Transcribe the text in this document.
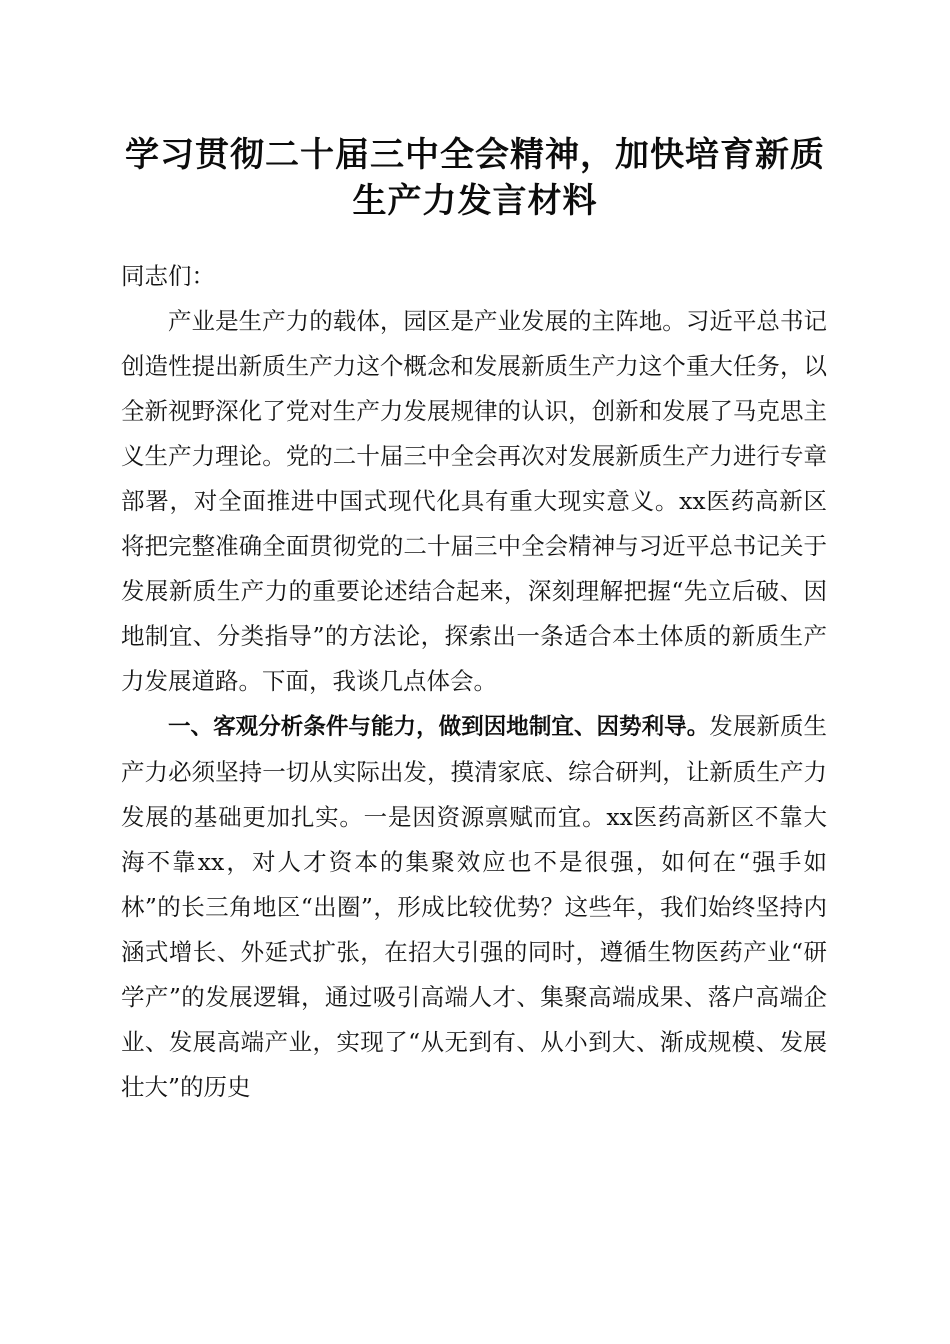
学习贯彻二十届三中全会精神，加快培育新质
生产力发言材料

同志们：

产业是生产力的载体，园区是产业发展的主阵地。习近平总书记创造性提出新质生产力这个概念和发展新质生产力这个重大任务，以全新视野深化了党对生产力发展规律的认识，创新和发展了马克思主义生产力理论。党的二十届三中全会再次对发展新质生产力进行专章部署，对全面推进中国式现代化具有重大现实意义。xx医药高新区将把完整准确全面贯彻党的二十届三中全会精神与习近平总书记关于发展新质生产力的重要论述结合起来，深刻理解把握“先立后破、因地制宜、分类指导”的方法论，探索出一条适合本土体质的新质生产力发展道路。下面，我谈几点体会。

一、客观分析条件与能力，做到因地制宜、因势利导。发展新质生产力必须坚持一切从实际出发，摸清家底、综合研判，让新质生产力发展的基础更加扎实。一是因资源禀赋而宜。xx医药高新区不靠大海不靠xx，对人才资本的集聚效应也不是很强，如何在“强手如林”的长三角地区“出圈”，形成比较优势？这些年，我们始终坚持内涵式增长、外延式扩张，在招大引强的同时，遵循生物医药产业“研学产”的发展逻辑，通过吸引高端人才、集聚高端成果、落户高端企业、发展高端产业，实现了“从无到有、从小到大、渐成规模、发展壮大”的历史
